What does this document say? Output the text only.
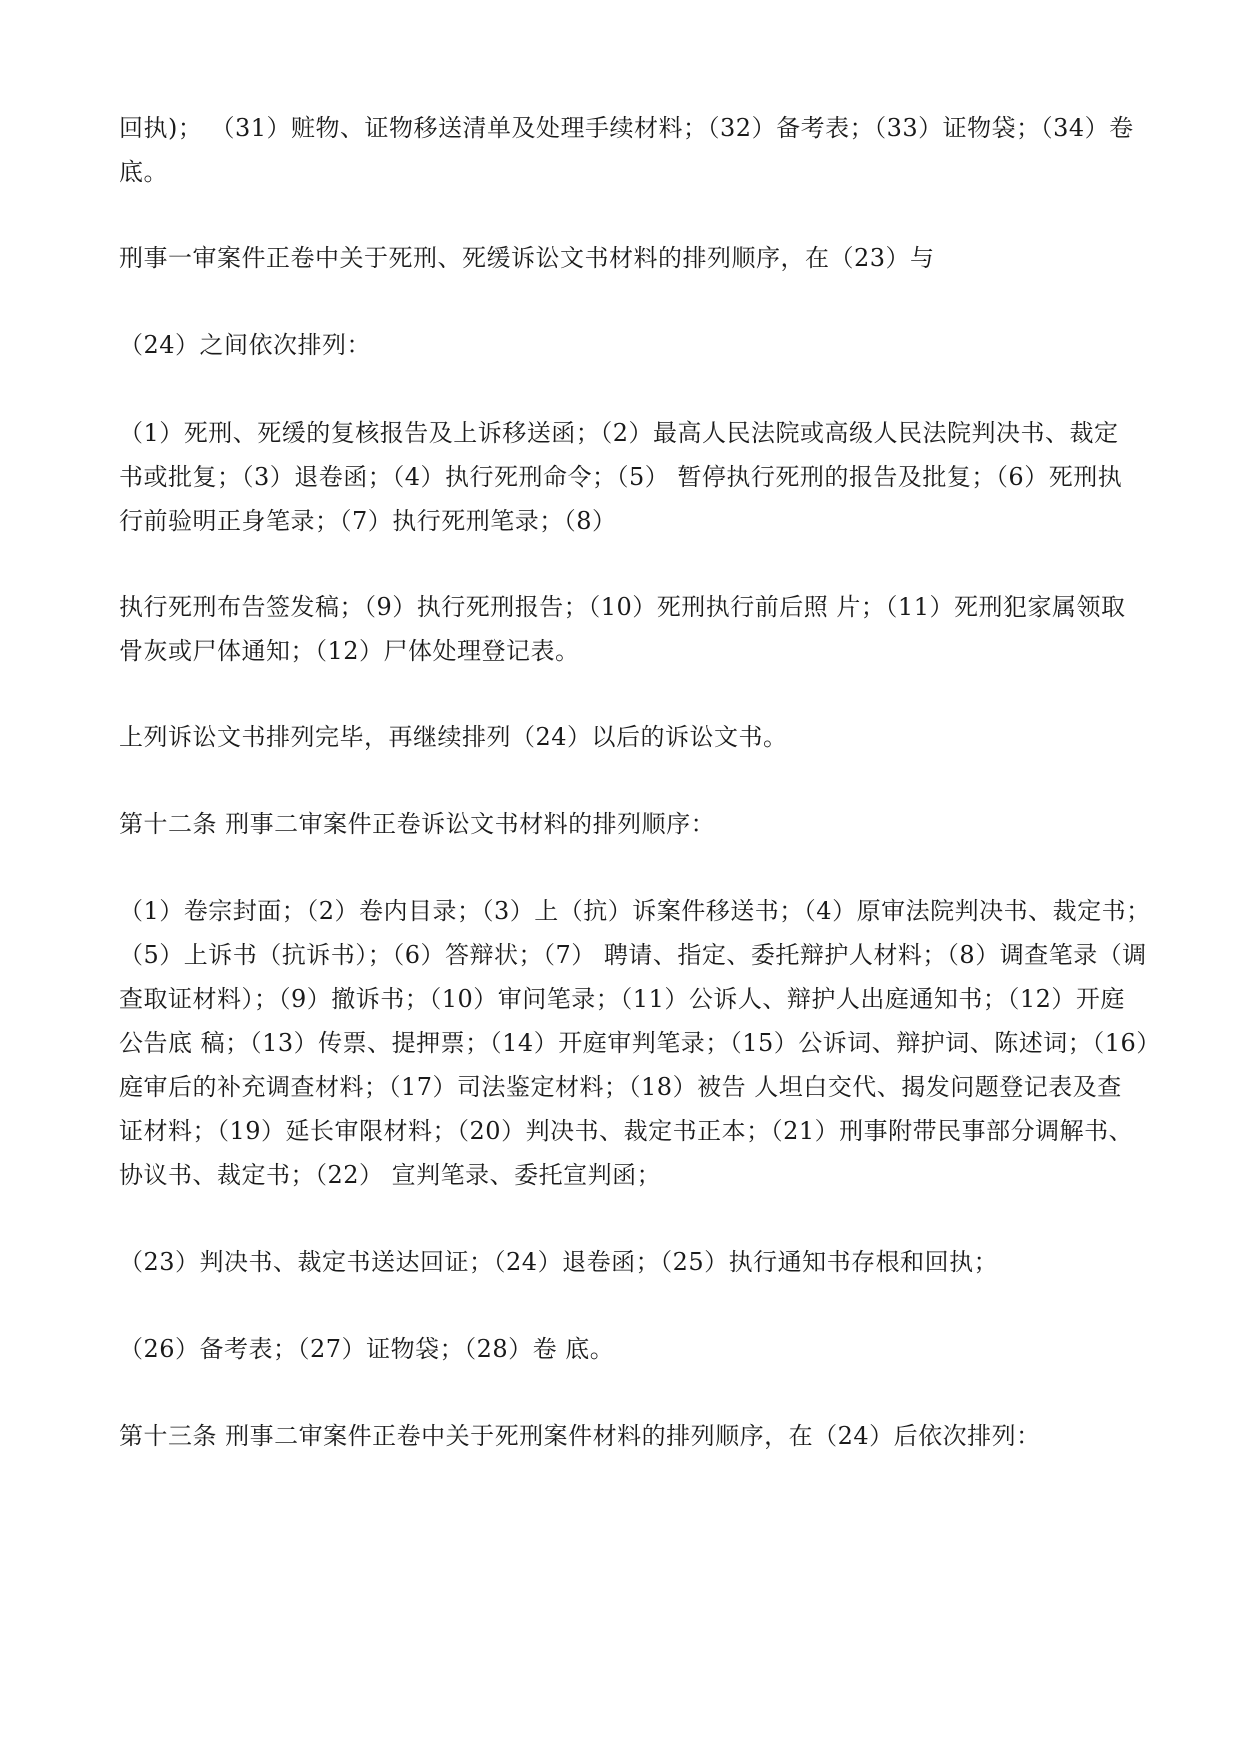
回执)； （31）赃物、证物移送清单及处理手续材料；（32）备考表；（33）证物袋；（34）卷
底。
刑事一审案件正卷中关于死刑、死缓诉讼文书材料的排列顺序，在（23）与
（24）之间依次排列：
（1）死刑、死缓的复核报告及上诉移送函；（2）最高人民法院或高级人民法院判决书、裁定
书或批复；（3）退卷函；（4）执行死刑命令；（5） 暂停执行死刑的报告及批复；（6）死刑执
行前验明正身笔录；（7）执行死刑笔录；（8）
执行死刑布告签发稿；（9）执行死刑报告；（10）死刑执行前后照 片；（11）死刑犯家属领取
骨灰或尸体通知；（12）尸体处理登记表。
上列诉讼文书排列完毕，再继续排列（24）以后的诉讼文书。
第十二条 刑事二审案件正卷诉讼文书材料的排列顺序：
（1）卷宗封面；（2）卷内目录；（3）上（抗）诉案件移送书；（4）原审法院判决书、裁定书；
（5）上诉书（抗诉书）；（6）答辩状；（7） 聘请、指定、委托辩护人材料；（8）调查笔录（调
查取证材料）；（9）撤诉书；（10）审问笔录；（11）公诉人、辩护人出庭通知书；（12）开庭
公告底 稿；（13）传票、提押票；（14）开庭审判笔录；（15）公诉词、辩护词、陈述词；（16）
庭审后的补充调查材料；（17）司法鉴定材料；（18）被告 人坦白交代、揭发问题登记表及查
证材料；（19）延长审限材料；（20）判决书、裁定书正本；（21）刑事附带民事部分调解书、
协议书、裁定书；（22） 宣判笔录、委托宣判函；
（23）判决书、裁定书送达回证；（24）退卷函；（25）执行通知书存根和回执；
（26）备考表；（27）证物袋；（28）卷 底。
第十三条 刑事二审案件正卷中关于死刑案件材料的排列顺序，在（24）后依次排列：
